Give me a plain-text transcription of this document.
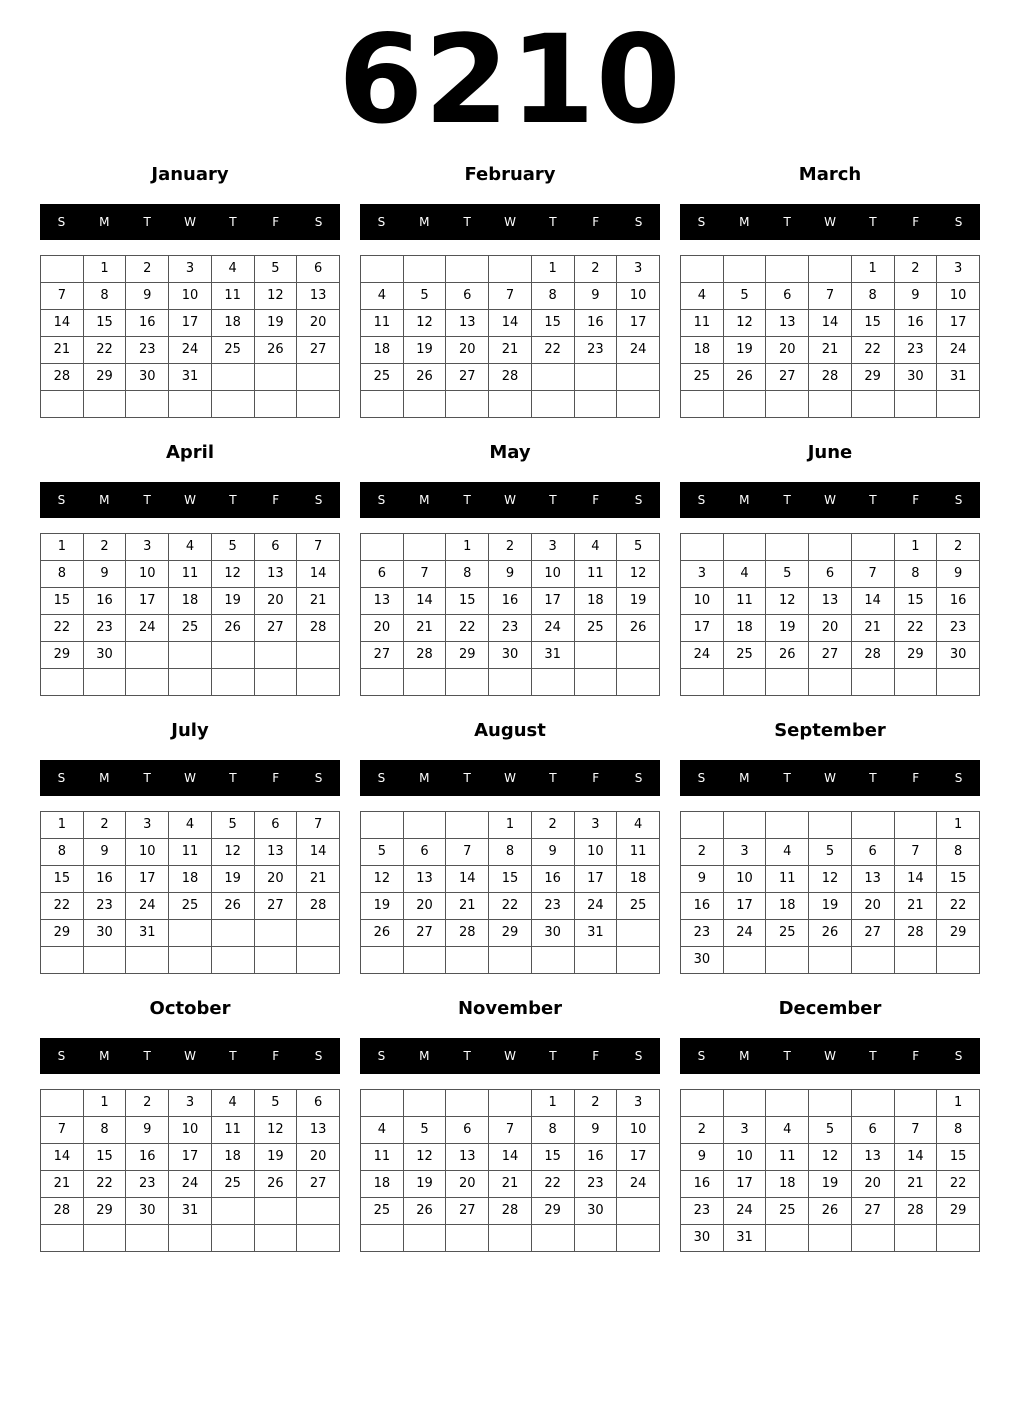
6210
January
S	M	T	W	T	F	S
	1	2	3	4	5	6
7	8	9	10	11	12	13
14	15	16	17	18	19	20
21	22	23	24	25	26	27
28	29	30	31			

February
S	M	T	W	T	F	S
				1	2	3
4	5	6	7	8	9	10
11	12	13	14	15	16	17
18	19	20	21	22	23	24
25	26	27	28			

March
S	M	T	W	T	F	S
				1	2	3
4	5	6	7	8	9	10
11	12	13	14	15	16	17
18	19	20	21	22	23	24
25	26	27	28	29	30	31

April
S	M	T	W	T	F	S
1	2	3	4	5	6	7
8	9	10	11	12	13	14
15	16	17	18	19	20	21
22	23	24	25	26	27	28
29	30					

May
S	M	T	W	T	F	S
		1	2	3	4	5
6	7	8	9	10	11	12
13	14	15	16	17	18	19
20	21	22	23	24	25	26
27	28	29	30	31		

June
S	M	T	W	T	F	S
					1	2
3	4	5	6	7	8	9
10	11	12	13	14	15	16
17	18	19	20	21	22	23
24	25	26	27	28	29	30

July
S	M	T	W	T	F	S
1	2	3	4	5	6	7
8	9	10	11	12	13	14
15	16	17	18	19	20	21
22	23	24	25	26	27	28
29	30	31				

August
S	M	T	W	T	F	S
			1	2	3	4
5	6	7	8	9	10	11
12	13	14	15	16	17	18
19	20	21	22	23	24	25
26	27	28	29	30	31	

September
S	M	T	W	T	F	S
						1
2	3	4	5	6	7	8
9	10	11	12	13	14	15
16	17	18	19	20	21	22
23	24	25	26	27	28	29
30						
October
S	M	T	W	T	F	S
	1	2	3	4	5	6
7	8	9	10	11	12	13
14	15	16	17	18	19	20
21	22	23	24	25	26	27
28	29	30	31			

November
S	M	T	W	T	F	S
				1	2	3
4	5	6	7	8	9	10
11	12	13	14	15	16	17
18	19	20	21	22	23	24
25	26	27	28	29	30	

December
S	M	T	W	T	F	S
						1
2	3	4	5	6	7	8
9	10	11	12	13	14	15
16	17	18	19	20	21	22
23	24	25	26	27	28	29
30	31					
